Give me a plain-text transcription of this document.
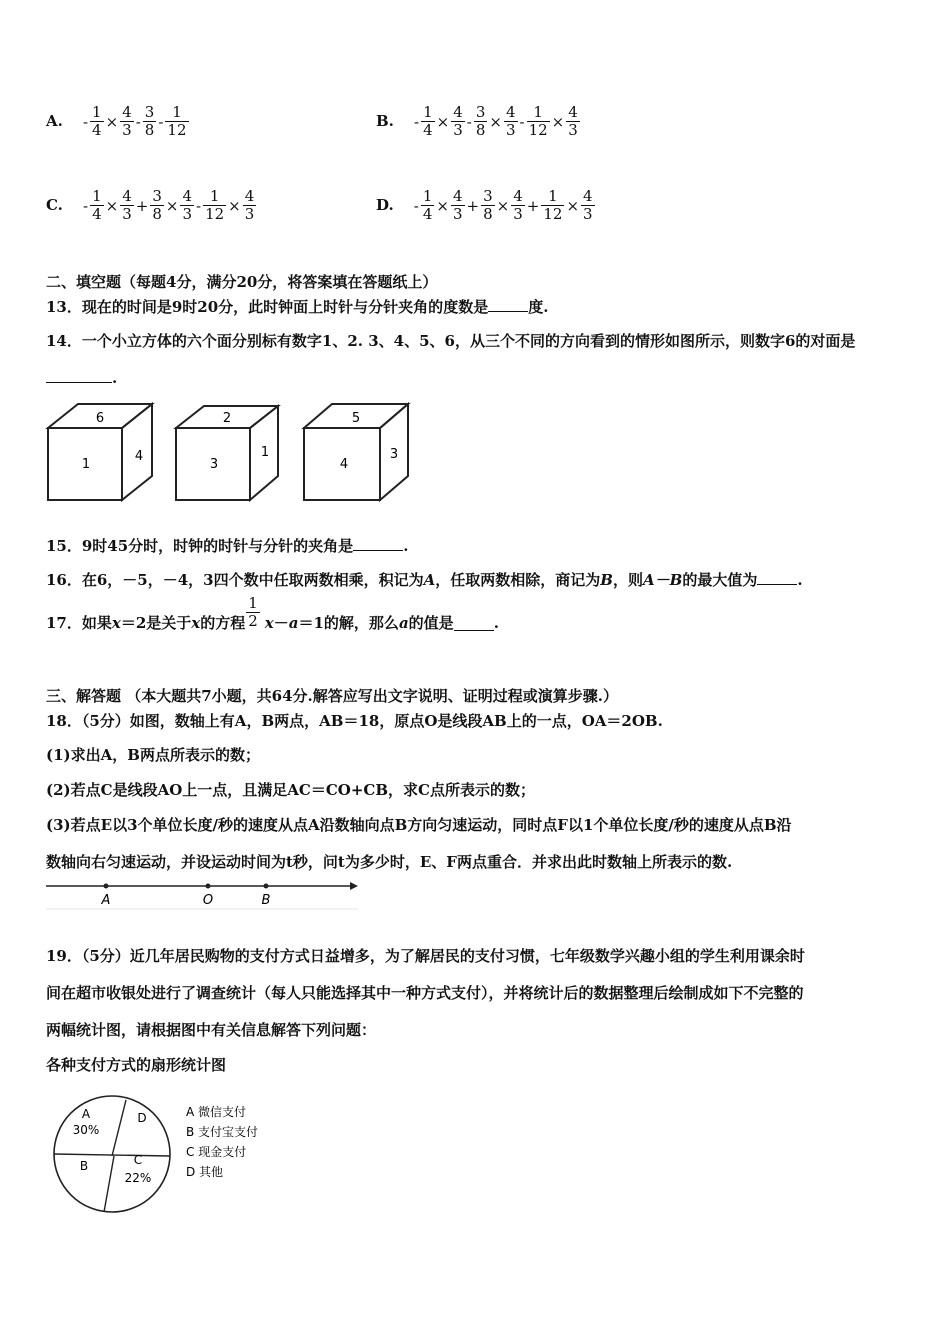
A. - $\frac{1}{4} \times \frac{4}{3} - \frac{3}{8} - \frac{1}{12}$	B. - $\frac{1}{4} \times \frac{4}{3} - \frac{3}{8} \times \frac{4}{3} - \frac{1}{12} \times \frac{4}{3}$
C. - $\frac{1}{4} \times \frac{4}{3} + \frac{3}{8} \times \frac{4}{3} - \frac{1}{12} \times \frac{4}{3}$	D. - $\frac{1}{4} \times \frac{4}{3} + \frac{3}{8} \times \frac{4}{3} + \frac{1}{12} \times \frac{4}{3}$
二、填空题（每题4分，满分20分，将答案填在答题纸上）
13．现在的时间是9时20分，此时钟面上时针与分针夹角的度数是	度.
14．一个小立方体的六个面分别标有数字1、2. 3、4、5、6，从三个不同的方向看到的情形如图所示，则数字6的对面是
.
6
1
4
2
3
1
5
4
3
15．9时45分时，时钟的时针与分针的夹角是	.
16．在6，－5，－4，3四个数中任取两数相乘，积记为A，任取两数相除，商记为B，则A－B的最大值为	.
17．如果x＝2是关于x的方程 $\frac{1}{2} x-a=1$的解，那么a的值是	.
三、解答题 （本大题共7小题，共64分.解答应写出文字说明、证明过程或演算步骤.）
18．（5分）如图，数轴上有A，B两点，AB＝18，原点O是线段AB上的一点，OA＝2OB.
(1)求出A，B两点所表示的数；
(2)若点C是线段AO上一点，且满足AC＝CO+CB，求C点所表示的数；
(3)若点E以3个单位长度/秒的速度从点A沿数轴向点B方向匀速运动，同时点F以1个单位长度/秒的速度从点B沿
数轴向右匀速运动，并设运动时间为t秒，问t为多少时，E、F两点重合．并求出此时数轴上所表示的数.
A	O	B
19．（5分）近几年居民购物的支付方式日益增多，为了解居民的支付习惯，七年级数学兴趣小组的学生利用课余时
间在超市收银处进行了调查统计（每人只能选择其中一种方式支付），并将统计后的数据整理后绘制成如下不完整的
两幅统计图，请根据图中有关信息解答下列问题：
各种支付方式的扇形统计图
A
30%
B	C
22%
D	A 微信支付
B 支付宝支付
C 现金支付
D 其他
